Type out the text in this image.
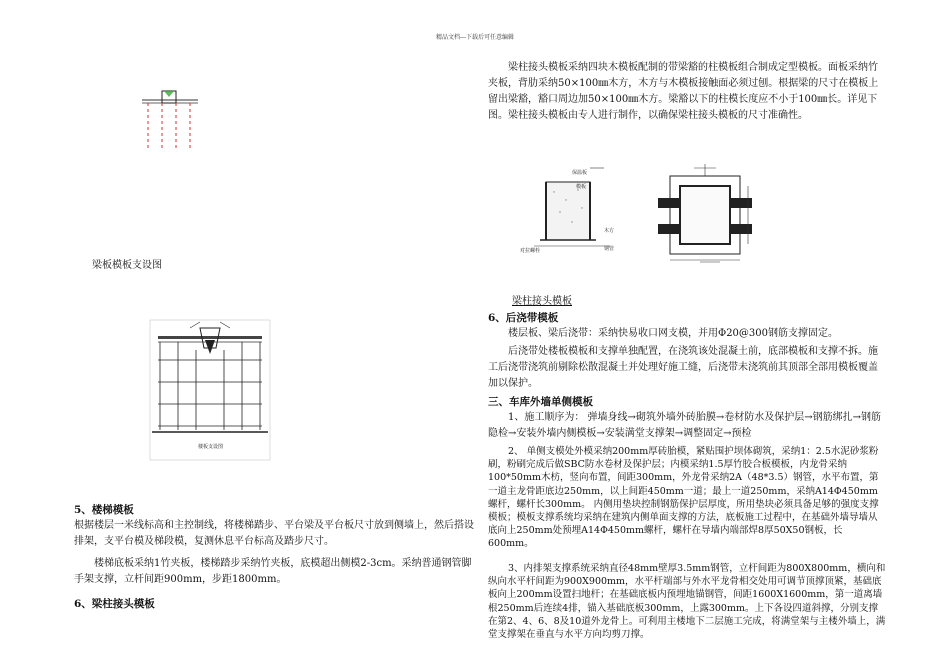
精品文档---下载后可任意编辑
梁板模板支设图
楼板支设图
5、楼梯模板

根据楼层一米线标高和主控制线，将楼梯踏步、平台梁及平台板尺寸放到侧墙上，然后搭设排架，支平台模及梯段模，复测休息平台标高及踏步尺寸。

楼梯底板采纳1竹夹板，楼梯踏步采纳竹夹板，底模超出侧模2-3cm。采纳普通钢管脚手架支撑，立杆间距900mm，步距1800mm。

6、梁柱接头模板

梁柱接头模板采纳四块木模板配制的带梁豁的柱模板组合制成定型模板。面板采纳竹夹板，背肋采纳50×100㎜木方，木方与木模板接触面必须过刨。根据梁的尺寸在模板上留出梁豁，豁口周边加50×100㎜木方。梁豁以下的柱模长度应不小于100㎜长。详见下图。梁柱接头模板由专人进行制作，以确保梁柱接头模板的尺寸准确性。

保温板
模板
木方
钢管
对拉螺栓
梁柱接头模板
6、后浇带模板

楼层板、梁后浇带：采纳快易收口网支模，并用Φ20@300钢筋支撑固定。

后浇带处楼板模板和支撑单独配置，在浇筑该处混凝土前，底部模板和支撑不拆。施工后浇带浇筑前剔除松散混凝土并处理好施工缝，后浇带未浇筑前其顶部全部用模板覆盖加以保护。

三、车库外墙单侧模板

1、施工顺序为： 弹墙身线→砌筑外墙外砖胎膜→卷材防水及保护层→钢筋绑扎→钢筋隐检→安装外墙内侧模板→安装满堂支撑架→调整固定→预检

2、 单侧支模处外模采纳200mm厚砖胎模，紧贴围护坝体砌筑，采纳1：2.5水泥砂浆粉刷，粉刷完成后做SBC防水卷材及保护层；内模采纳1.5厚竹胶合板模板，内龙骨采纳100*50mm木枋，竖向布置，间距300mm，外龙骨采纳2A（48*3.5）钢管，水平布置，第一道主龙骨距底边250mm，以上间距450mm一道；最上一道250mm，采纳A14Φ450mm螺杆，螺杆长300mm。 内侧用垫块控制钢筋保护层厚度，所用垫块必须具备足够的强度支撑模板；模板支撑系统均采纳在建筑内侧单面支撑的方法，底板施工过程中，在基础外墙导墙从底向上250mm处预埋A14Φ450mm螺杆，螺杆在导墙内端部焊8厚50X50钢板，长600mm。

3、内排架支撑系统采纳直径48mm壁厚3.5mm钢管，立杆间距为800X800mm，横向和纵向水平杆间距为900X900mm，水平杆端部与外水平龙骨相交处用可调节顶撑顶紧，基础底板向上200mm设置扫地杆；在基础底板内预埋地锚钢管，间距1600X1600mm，第一道离墙根250mm后连续4排，锚入基础底板300mm，上露300mm。上下各设四道斜撑，分别支撑在第2、4、6、8及10道外龙骨上。可利用主楼地下二层施工完成，将满堂架与主楼外墙上，满堂支撑架在垂直与水平方向均剪刀撑。
